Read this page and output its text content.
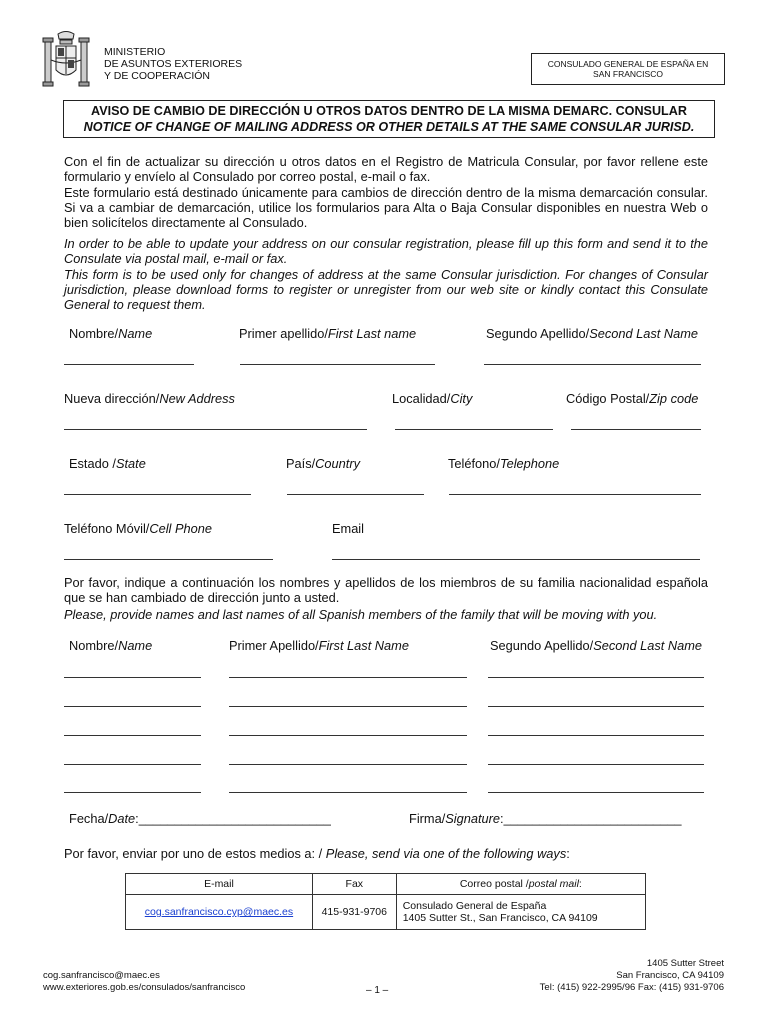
MINISTERIO
DE ASUNTOS EXTERIORES
Y DE COOPERACIÓN
CONSULADO GENERAL DE ESPAÑA EN
SAN FRANCISCO
AVISO DE CAMBIO DE DIRECCIÓN U OTROS DATOS DENTRO DE LA MISMA DEMARC. CONSULAR
NOTICE OF CHANGE OF MAILING ADDRESS OR OTHER DETAILS AT THE SAME CONSULAR JURISD.
Con el fin de actualizar su dirección u otros datos en el Registro de Matricula Consular, por favor rellene este formulario y envíelo al Consulado por correo postal, e-mail o fax.
Este formulario está destinado únicamente para cambios de dirección dentro de la misma demarcación consular. Si va a cambiar de demarcación, utilice los formularios para Alta o Baja Consular disponibles en nuestra Web o bien solicítelos directamente al Consulado.
In order to be able to update your address on our consular registration, please fill up this form and send it to the Consulate via postal mail, e-mail or fax.
This form is to be used only for changes of address at the same Consular jurisdiction. For changes of Consular jurisdiction, please download forms to register or unregister from our web site or kindly contact this Consulate General to request them.
Nombre/Name	Primer apellido/First Last name	Segundo Apellido/Second Last Name
Nueva dirección/New Address	Localidad/City	Código Postal/Zip code
Estado /State	País/Country	Teléfono/Telephone
Teléfono Móvil/Cell Phone	Email
Por favor, indique a continuación los nombres y apellidos de los miembros de su familia nacionalidad española que se han cambiado de dirección junto a usted.
Please, provide names and last names of all Spanish members of the family that will be moving with you.
Nombre/Name	Primer Apellido/First Last Name	Segundo Apellido/Second Last Name
Fecha/Date:___________________________	Firma/Signature:_________________________
Por favor, enviar por uno de estos medios a: / Please, send via one of the following ways:
E-mail	Fax	Correo postal /postal mail:
cog.sanfrancisco.cyp@maec.es	415-931-9706	Consulado General de España
1405 Sutter St., San Francisco, CA 94109
cog.sanfrancisco@maec.es
www.exteriores.gob.es/consulados/sanfrancisco	– 1 –
1405 Sutter Street
San Francisco, CA 94109
Tel: (415) 922-2995/96 Fax: (415) 931-9706
